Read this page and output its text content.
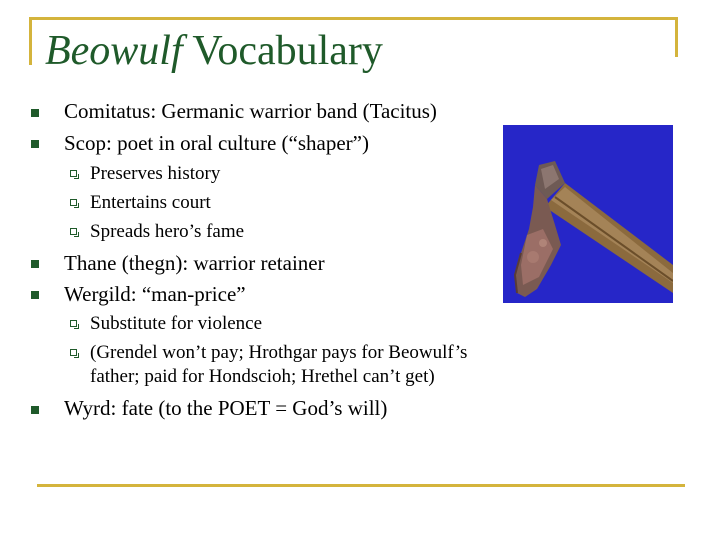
Beowulf Vocabulary
Comitatus: Germanic warrior band (Tacitus)
Scop: poet in oral culture (“shaper”)
Preserves history
Entertains court
Spreads hero’s fame
Thane (thegn): warrior retainer
Wergild: “man-price”
Substitute for violence
(Grendel won’t pay; Hrothgar pays for Beowulf’s
father; paid for Hondscioh; Hrethel can’t get)
Wyrd: fate (to the POET = God’s will)
